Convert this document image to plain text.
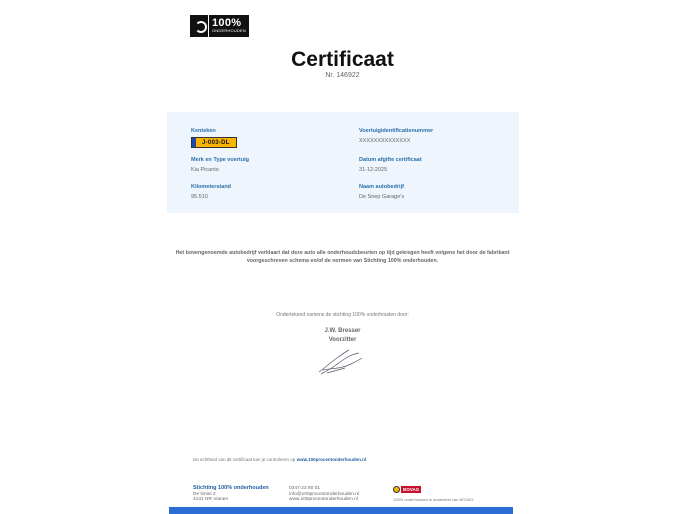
100%
ONDERHOUDEN
Certificaat
Nr. 146922
Kenteken
J-003-DL
Voertuigidentificatienummer
XXXXXXXXXXXXXX
Merk en Type voertuig
Kia Picanto
Datum afgifte certificaat
31-12-2025
Kilometerstand
95.510
Naam autobedrijf
De Snep Garage's
Het bovengenoemde autobedrijf verklaart dat deze auto alle onderhoudsbeurten op tijd gekregen heeft volgens het door de fabrikant
voorgeschreven schema en/of de normen van Stichting 100% onderhouden.
Ondertekend namens de stichting 100% onderhouden door:
J.W. Bresser
Voorzitter
De echtheid van dit certificaat kan je controleren op www.100procentonderhouden.nl
Stichting 100% onderhouden
De limiet 2
4131 NR Vianen
0347-23 80 01
info@100procentonderhouden.nl
www.100procentonderhouden.nl
BOVAG
100% onderhouden is onderdeel van BOVAG
